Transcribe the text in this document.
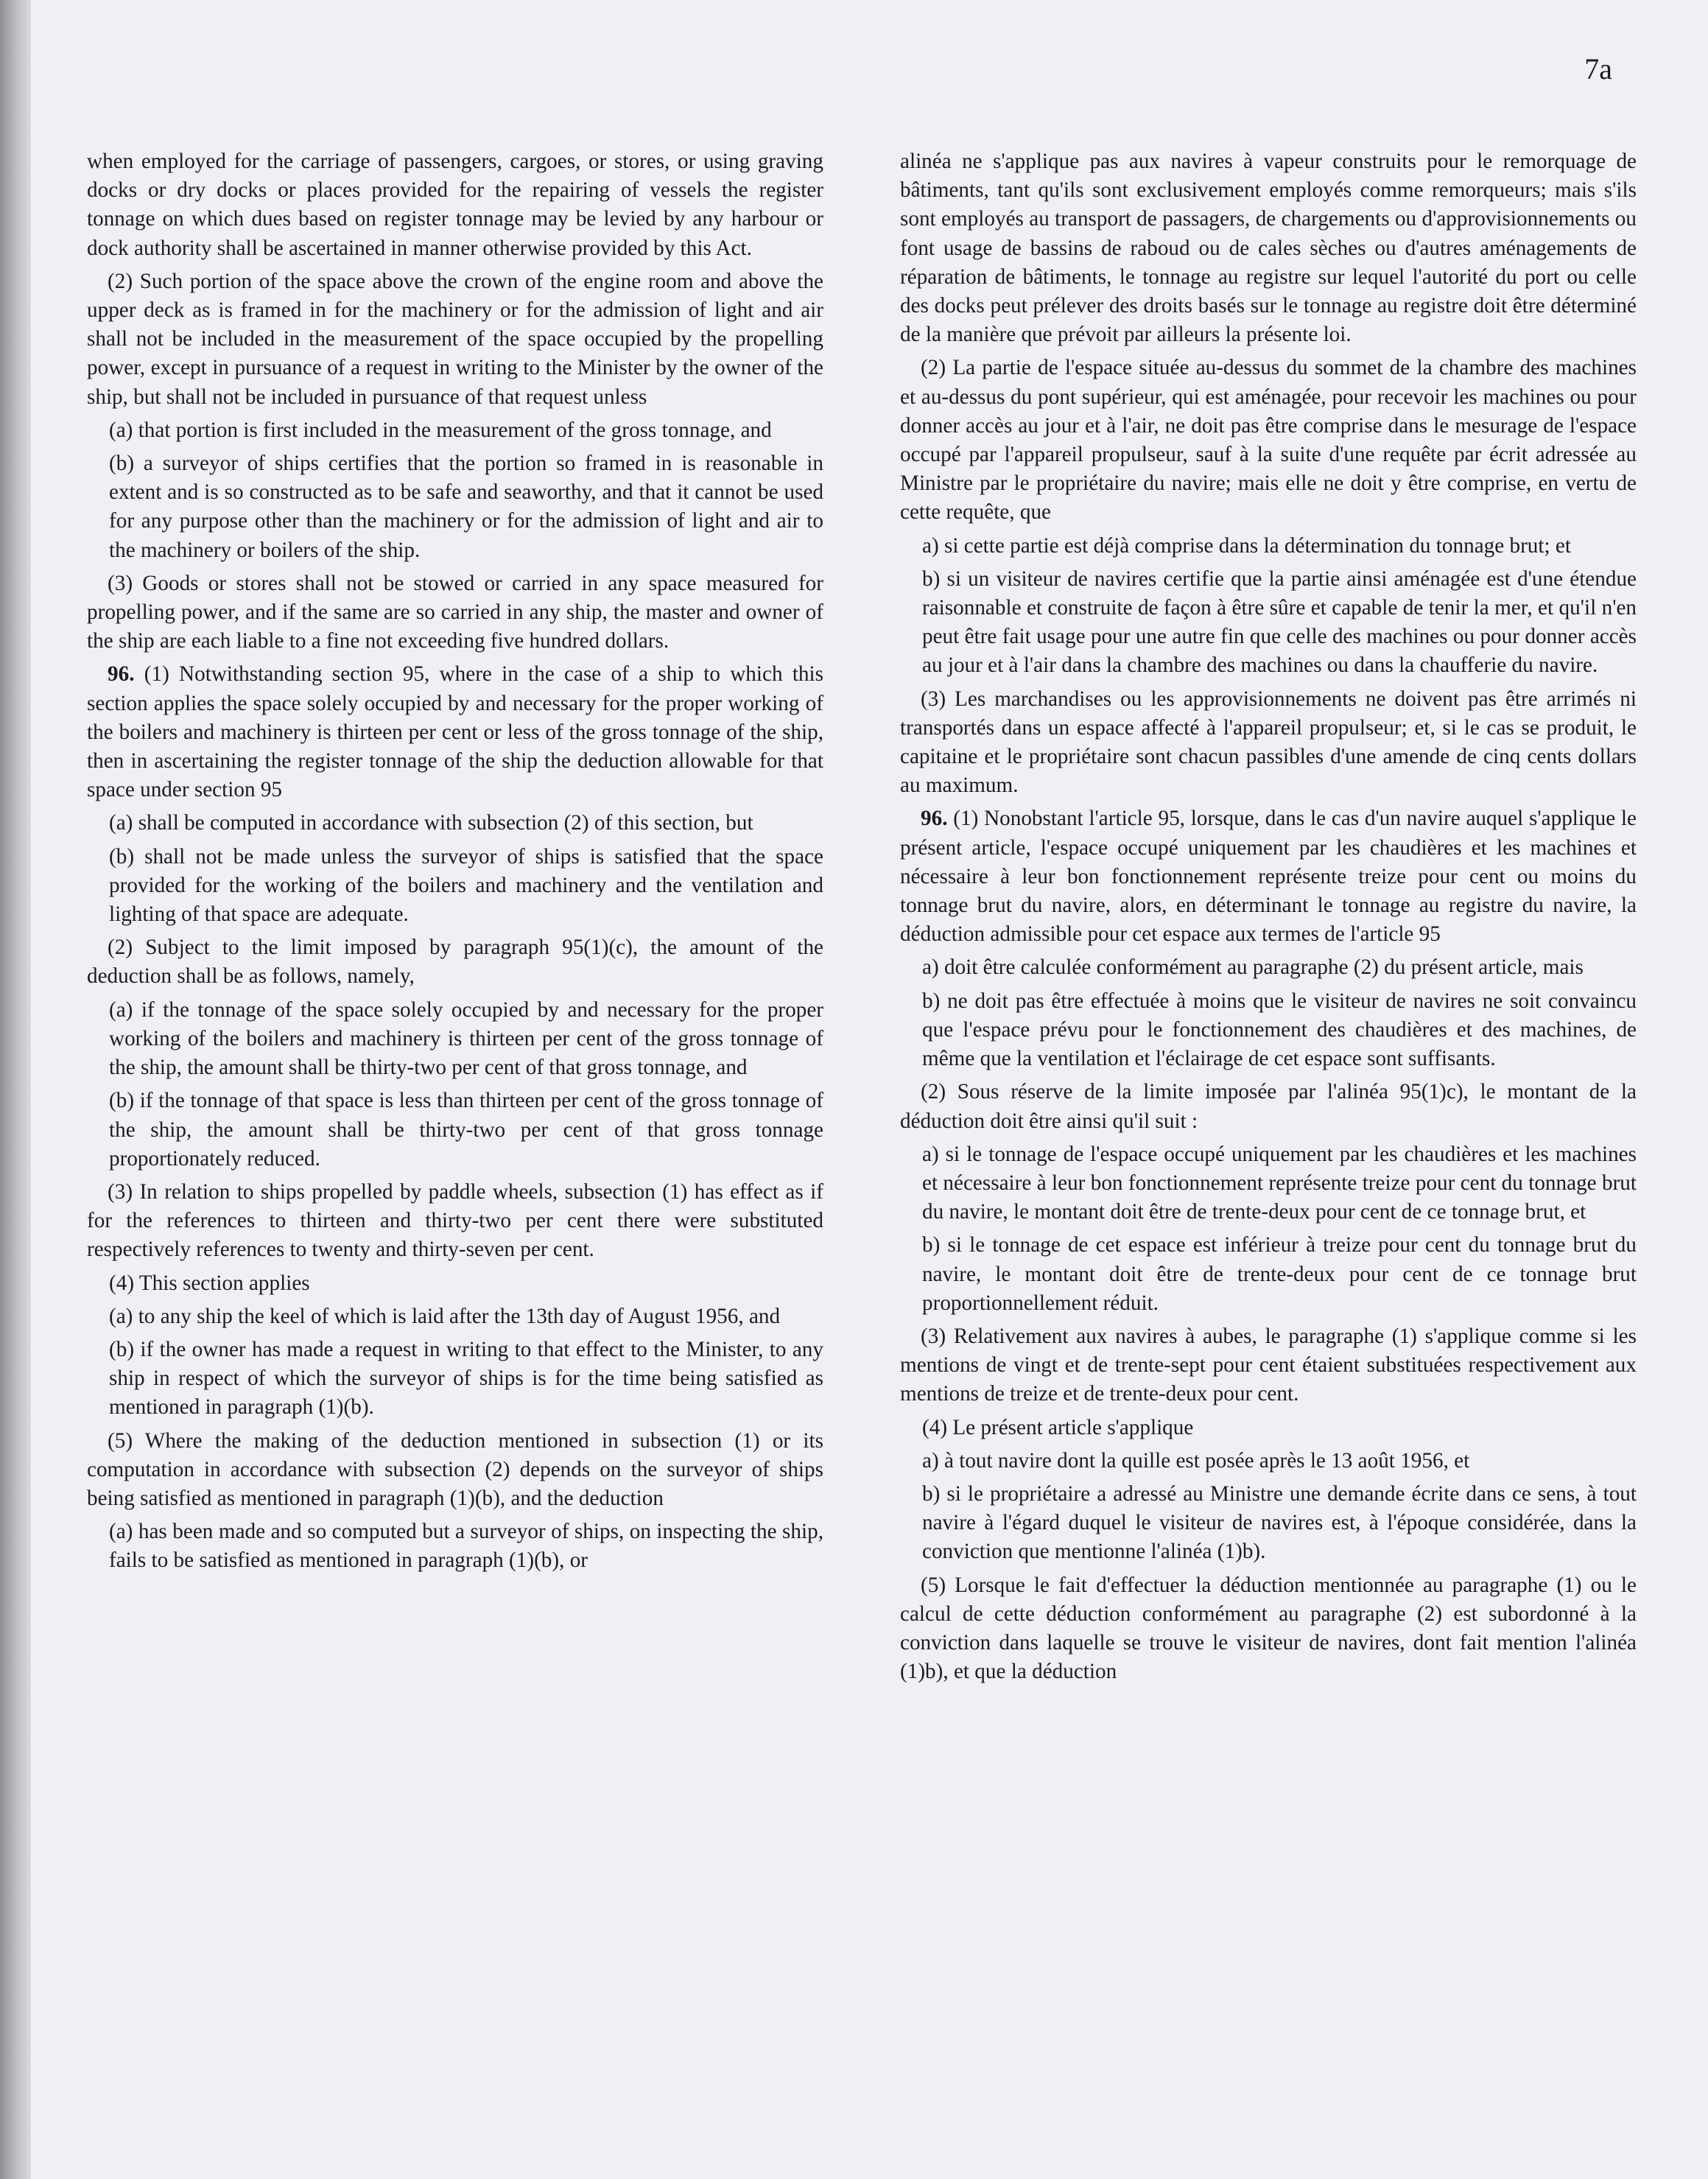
7a

when employed for the carriage of passengers, cargoes, or stores, or using graving docks or dry docks or places provided for the repairing of vessels the register tonnage on which dues based on register tonnage may be levied by any harbour or dock authority shall be ascertained in manner otherwise provided by this Act.

(2) Such portion of the space above the crown of the engine room and above the upper deck as is framed in for the machinery or for the admission of light and air shall not be included in the measurement of the space occupied by the propelling power, except in pursuance of a request in writing to the Minister by the owner of the ship, but shall not be included in pursuance of that request unless

(a) that portion is first included in the measurement of the gross tonnage, and

(b) a surveyor of ships certifies that the portion so framed in is reasonable in extent and is so constructed as to be safe and seaworthy, and that it cannot be used for any purpose other than the machinery or for the admission of light and air to the machinery or boilers of the ship.

(3) Goods or stores shall not be stowed or carried in any space measured for propelling power, and if the same are so carried in any ship, the master and owner of the ship are each liable to a fine not exceeding five hundred dollars.

96. (1) Notwithstanding section 95, where in the case of a ship to which this section applies the space solely occupied by and necessary for the proper working of the boilers and machinery is thirteen per cent or less of the gross tonnage of the ship, then in ascertaining the register tonnage of the ship the deduction allowable for that space under section 95

(a) shall be computed in accordance with subsection (2) of this section, but

(b) shall not be made unless the surveyor of ships is satisfied that the space provided for the working of the boilers and machinery and the ventilation and lighting of that space are adequate.

(2) Subject to the limit imposed by paragraph 95(1)(c), the amount of the deduction shall be as follows, namely,

(a) if the tonnage of the space solely occupied by and necessary for the proper working of the boilers and machinery is thirteen per cent of the gross tonnage of the ship, the amount shall be thirty-two per cent of that gross tonnage, and

(b) if the tonnage of that space is less than thirteen per cent of the gross tonnage of the ship, the amount shall be thirty-two per cent of that gross tonnage proportionately reduced.

(3) In relation to ships propelled by paddle wheels, subsection (1) has effect as if for the references to thirteen and thirty-two per cent there were substituted respectively references to twenty and thirty-seven per cent.

(4) This section applies

(a) to any ship the keel of which is laid after the 13th day of August 1956, and

(b) if the owner has made a request in writing to that effect to the Minister, to any ship in respect of which the surveyor of ships is for the time being satisfied as mentioned in paragraph (1)(b).

(5) Where the making of the deduction mentioned in subsection (1) or its computation in accordance with subsection (2) depends on the surveyor of ships being satisfied as mentioned in paragraph (1)(b), and the deduction

(a) has been made and so computed but a surveyor of ships, on inspecting the ship, fails to be satisfied as mentioned in paragraph (1)(b), or

alinéa ne s'applique pas aux navires à vapeur construits pour le remorquage de bâtiments, tant qu'ils sont exclusivement employés comme remorqueurs; mais s'ils sont employés au transport de passagers, de chargements ou d'approvisionnements ou font usage de bassins de raboud ou de cales sèches ou d'autres aménagements de réparation de bâtiments, le tonnage au registre sur lequel l'autorité du port ou celle des docks peut prélever des droits basés sur le tonnage au registre doit être déterminé de la manière que prévoit par ailleurs la présente loi.

(2) La partie de l'espace située au-dessus du sommet de la chambre des machines et au-dessus du pont supérieur, qui est aménagée, pour recevoir les machines ou pour donner accès au jour et à l'air, ne doit pas être comprise dans le mesurage de l'espace occupé par l'appareil propulseur, sauf à la suite d'une requête par écrit adressée au Ministre par le propriétaire du navire; mais elle ne doit y être comprise, en vertu de cette requête, que

a) si cette partie est déjà comprise dans la détermination du tonnage brut; et

b) si un visiteur de navires certifie que la partie ainsi aménagée est d'une étendue raisonnable et construite de façon à être sûre et capable de tenir la mer, et qu'il n'en peut être fait usage pour une autre fin que celle des machines ou pour donner accès au jour et à l'air dans la chambre des machines ou dans la chaufferie du navire.

(3) Les marchandises ou les approvisionnements ne doivent pas être arrimés ni transportés dans un espace affecté à l'appareil propulseur; et, si le cas se produit, le capitaine et le propriétaire sont chacun passibles d'une amende de cinq cents dollars au maximum.

96. (1) Nonobstant l'article 95, lorsque, dans le cas d'un navire auquel s'applique le présent article, l'espace occupé uniquement par les chaudières et les machines et nécessaire à leur bon fonctionnement représente treize pour cent ou moins du tonnage brut du navire, alors, en déterminant le tonnage au registre du navire, la déduction admissible pour cet espace aux termes de l'article 95

a) doit être calculée conformément au paragraphe (2) du présent article, mais

b) ne doit pas être effectuée à moins que le visiteur de navires ne soit convaincu que l'espace prévu pour le fonctionnement des chaudières et des machines, de même que la ventilation et l'éclairage de cet espace sont suffisants.

(2) Sous réserve de la limite imposée par l'alinéa 95(1)c), le montant de la déduction doit être ainsi qu'il suit :

a) si le tonnage de l'espace occupé uniquement par les chaudières et les machines et nécessaire à leur bon fonctionnement représente treize pour cent du tonnage brut du navire, le montant doit être de trente-deux pour cent de ce tonnage brut, et

b) si le tonnage de cet espace est inférieur à treize pour cent du tonnage brut du navire, le montant doit être de trente-deux pour cent de ce tonnage brut proportionnellement réduit.

(3) Relativement aux navires à aubes, le paragraphe (1) s'applique comme si les mentions de vingt et de trente-sept pour cent étaient substituées respectivement aux mentions de treize et de trente-deux pour cent.

(4) Le présent article s'applique

a) à tout navire dont la quille est posée après le 13 août 1956, et

b) si le propriétaire a adressé au Ministre une demande écrite dans ce sens, à tout navire à l'égard duquel le visiteur de navires est, à l'époque considérée, dans la conviction que mentionne l'alinéa (1)b).

(5) Lorsque le fait d'effectuer la déduction mentionnée au paragraphe (1) ou le calcul de cette déduction conformément au paragraphe (2) est subordonné à la conviction dans laquelle se trouve le visiteur de navires, dont fait mention l'alinéa (1)b), et que la déduction
